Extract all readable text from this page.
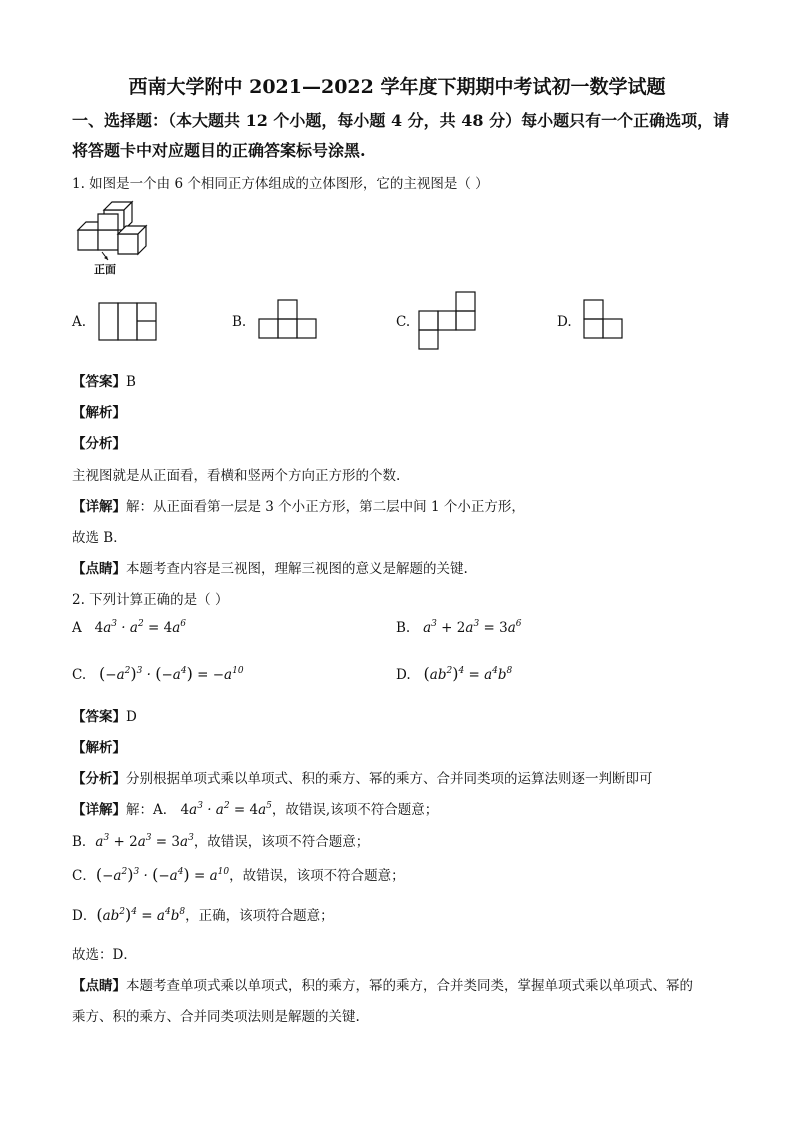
西南大学附中 2021—2022 学年度下期期中考试初一数学试题
一、选择题：（本大题共 12 个小题，每小题 4 分，共 48 分）每小题只有一个正确选项，请
将答题卡中对应题目的正确答案标号涂黑.
1. 如图是一个由 6 个相同正方体组成的立体图形，它的主视图是（ ）
正面
A.	B.	C.	D.
【答案】B
【解析】
【分析】
主视图就是从正面看，看横和竖两个方向正方形的个数.
【详解】解：从正面看第一层是 3 个小正方形，第二层中间 1 个小正方形，
故选 B．
【点睛】本题考查内容是三视图，理解三视图的意义是解题的关键.
2. 下列计算正确的是（ ）
A $4a^3 \cdot a^2 = 4a^6$	B. $a^3 + 2a^3 = 3a^6$
C. $(-a^2)^3 \cdot (-a^4) = -a^{10}$	D. $(ab^2)^4 = a^4b^8$
【答案】D
【解析】
【分析】分别根据单项式乘以单项式、积的乘方、幂的乘方、合并同类项的运算法则逐一判断即可
【详解】解：A． $4a^3 \cdot a^2 = 4a^5$，故错误,该项不符合题意；
B．$a^3 + 2a^3 = 3a^3$，故错误，该项不符合题意；
C．$(-a^2)^3 \cdot (-a^4) = a^{10}$，故错误，该项不符合题意；
D．$(ab^2)^4 = a^4b^8$，正确，该项符合题意；
故选：D．
【点睛】本题考查单项式乘以单项式，积的乘方，幂的乘方，合并类同类，掌握单项式乘以单项式、幂的
乘方、积的乘方、合并同类项法则是解题的关键.
